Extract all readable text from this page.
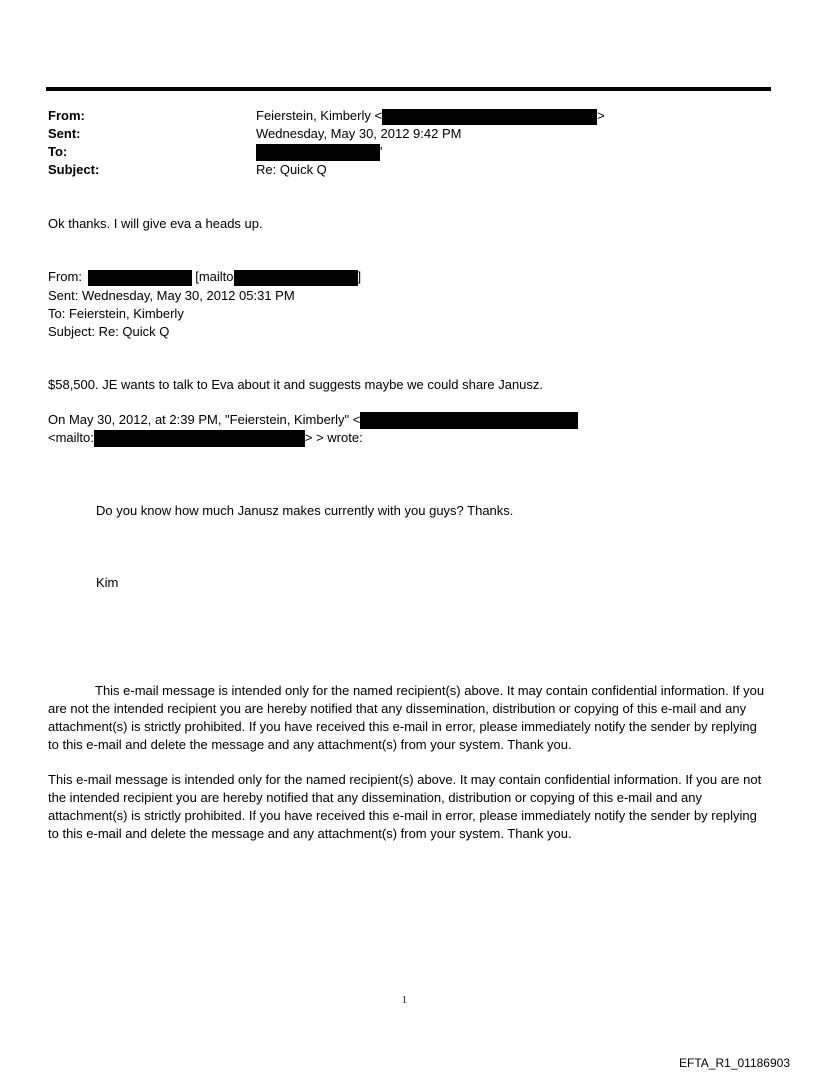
From:	Feierstein, Kimberly <	>
Sent:	Wednesday, May 30, 2012 9:42 PM
To:	'
Subject:	Re: Quick Q
Ok thanks. I will give eva a heads up.
From:	[mailto	]
Sent: Wednesday, May 30, 2012 05:31 PM
To: Feierstein, Kimberly
Subject: Re: Quick Q
$58,500. JE wants to talk to Eva about it and suggests maybe we could share Janusz.
On May 30, 2012, at 2:39 PM, "Feierstein, Kimberly" <
<mailto:	> > wrote:
Do you know how much Janusz makes currently with you guys? Thanks.
Kim
This e-mail message is intended only for the named recipient(s) above. It may contain confidential information. If you are not the intended recipient you are hereby notified that any dissemination, distribution or copying of this e-mail and any attachment(s) is strictly prohibited. If you have received this e-mail in error, please immediately notify the sender by replying to this e-mail and delete the message and any attachment(s) from your system. Thank you.
This e-mail message is intended only for the named recipient(s) above. It may contain confidential information. If you are not the intended recipient you are hereby notified that any dissemination, distribution or copying of this e-mail and any attachment(s) is strictly prohibited. If you have received this e-mail in error, please immediately notify the sender by replying to this e-mail and delete the message and any attachment(s) from your system. Thank you.
1
EFTA_R1_01186903
